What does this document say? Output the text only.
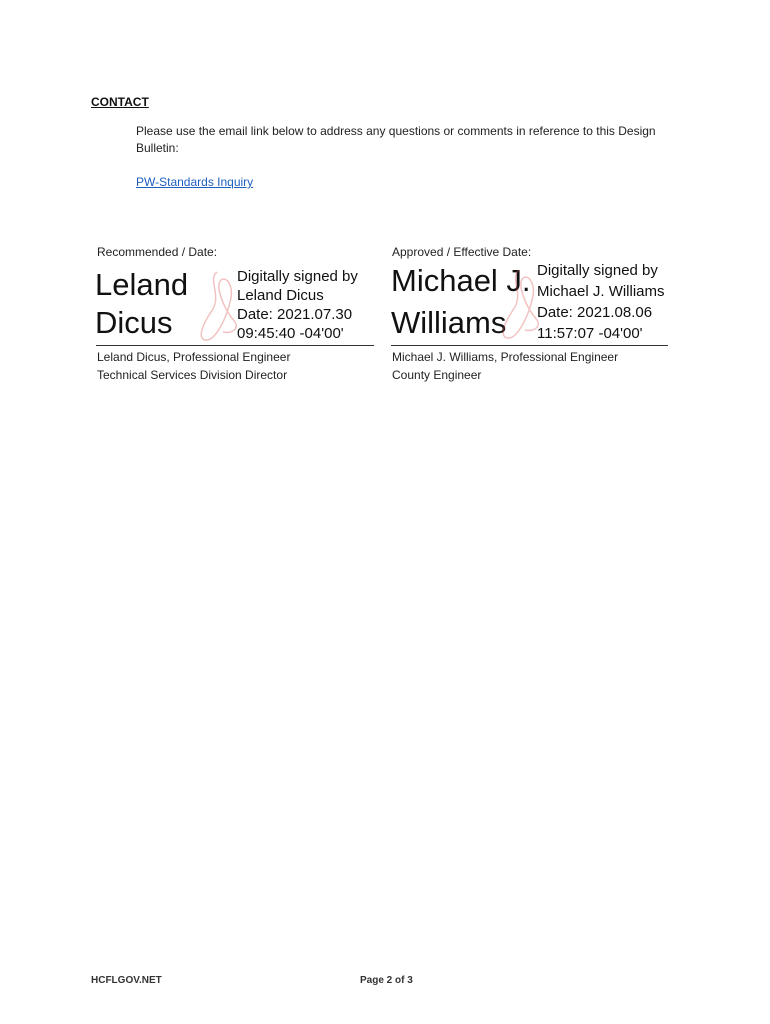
CONTACT
Please use the email link below to address any questions or comments in reference to this Design Bulletin:
PW-Standards Inquiry
Recommended / Date:
Leland
Dicus
Digitally signed by
Leland Dicus
Date: 2021.07.30
09:45:40 -04'00'
Leland Dicus, Professional Engineer
Technical Services Division Director
Approved / Effective Date:
Michael J.
Williams
Digitally signed by
Michael J. Williams
Date: 2021.08.06
11:57:07 -04'00'
Michael J. Williams, Professional Engineer
County Engineer
HCFLGOV.NET	Page 2 of 3
